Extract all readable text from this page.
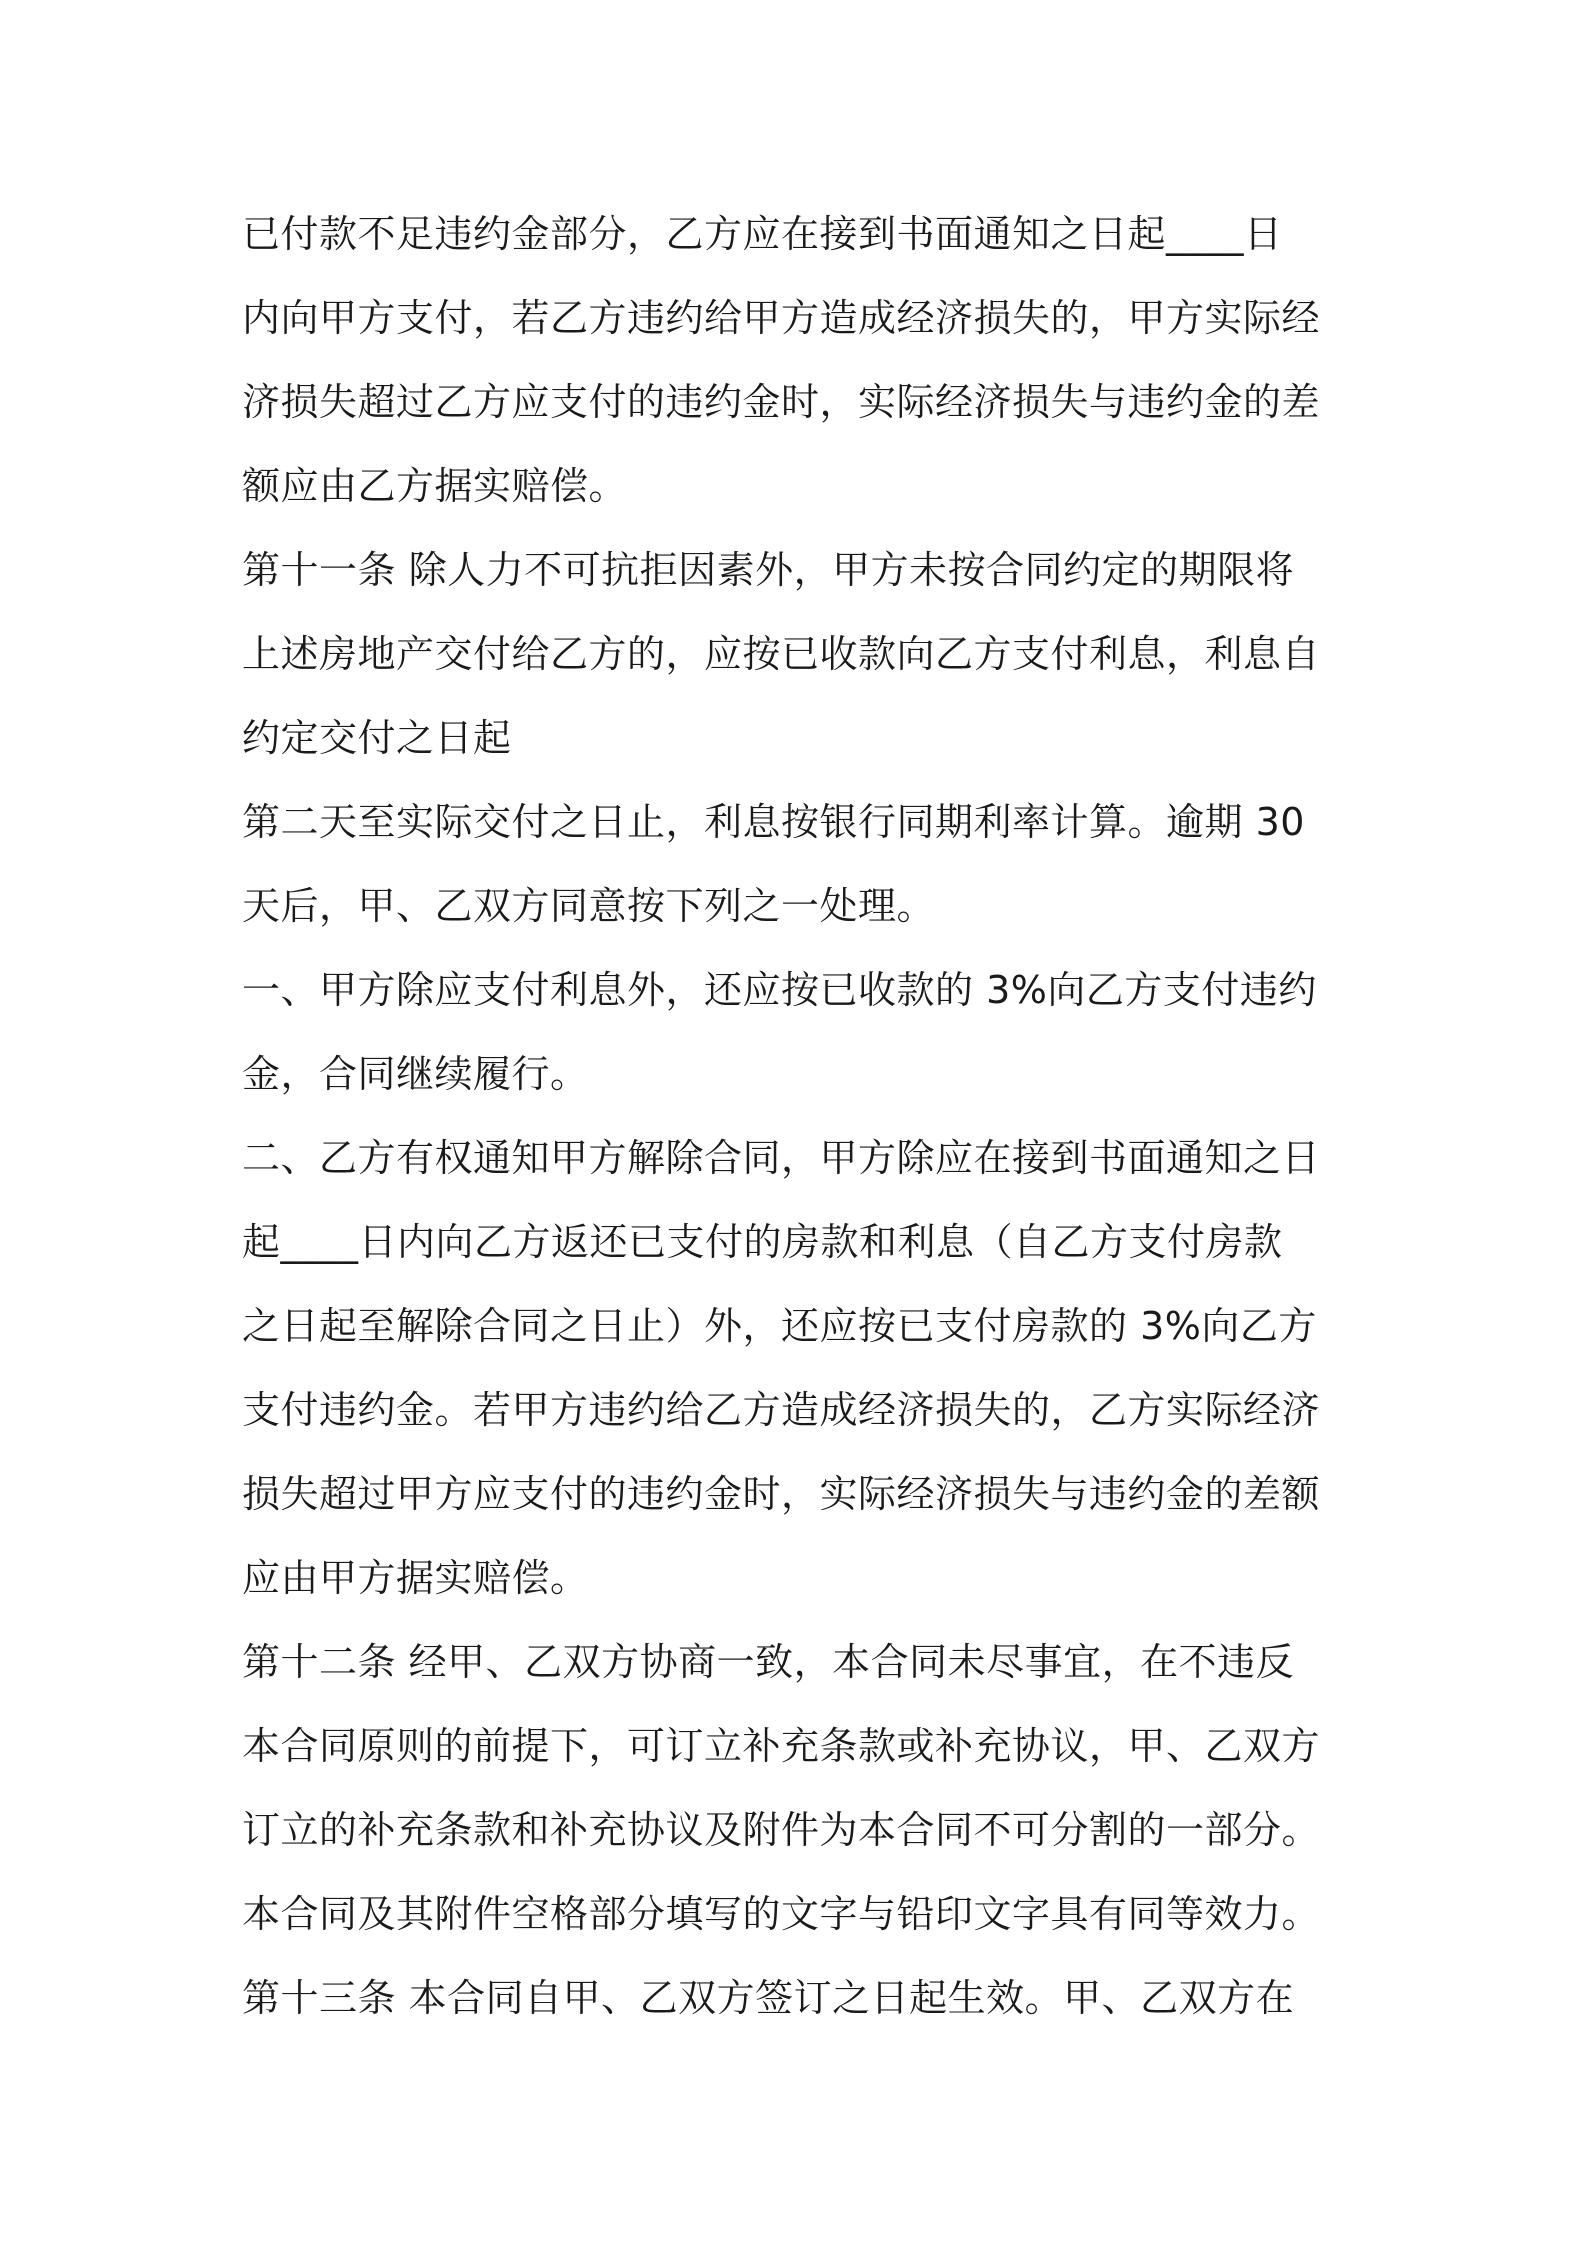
已付款不足违约金部分，乙方应在接到书面通知之日起____日
内向甲方支付，若乙方违约给甲方造成经济损失的，甲方实际经
济损失超过乙方应支付的违约金时，实际经济损失与违约金的差
额应由乙方据实赔偿。
第十一条 除人力不可抗拒因素外，甲方未按合同约定的期限将
上述房地产交付给乙方的，应按已收款向乙方支付利息，利息自
约定交付之日起
第二天至实际交付之日止，利息按银行同期利率计算。逾期 30
天后，甲、乙双方同意按下列之一处理。
一、甲方除应支付利息外，还应按已收款的 3%向乙方支付违约
金，合同继续履行。
二、乙方有权通知甲方解除合同，甲方除应在接到书面通知之日
起____日内向乙方返还已支付的房款和利息（自乙方支付房款
之日起至解除合同之日止）外，还应按已支付房款的 3%向乙方
支付违约金。若甲方违约给乙方造成经济损失的，乙方实际经济
损失超过甲方应支付的违约金时，实际经济损失与违约金的差额
应由甲方据实赔偿。
第十二条 经甲、乙双方协商一致，本合同未尽事宜，在不违反
本合同原则的前提下，可订立补充条款或补充协议，甲、乙双方
订立的补充条款和补充协议及附件为本合同不可分割的一部分。
本合同及其附件空格部分填写的文字与铅印文字具有同等效力。
第十三条 本合同自甲、乙双方签订之日起生效。甲、乙双方在
